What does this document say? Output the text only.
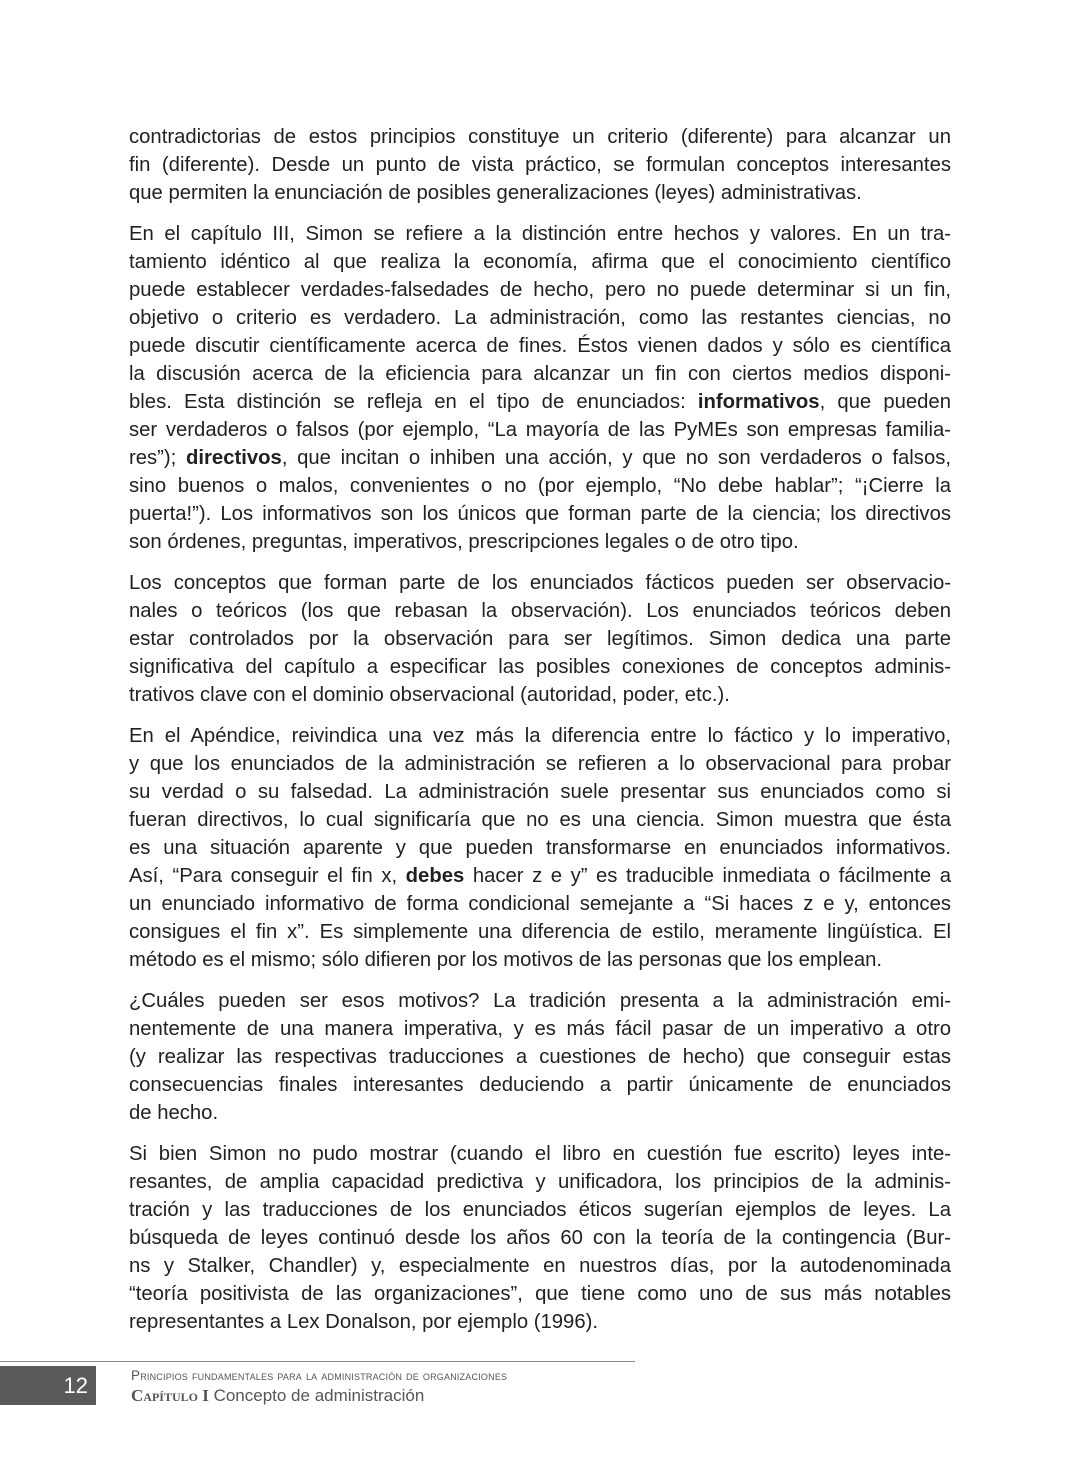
contradictorias de estos principios constituye un criterio (diferente) para alcanzar un
fin (diferente). Desde un punto de vista práctico, se formulan conceptos interesantes
que permiten la enunciación de posibles generalizaciones (leyes) administrativas.
En el capítulo III, Simon se refiere a la distinción entre hechos y valores. En un tra-
tamiento idéntico al que realiza la economía, afirma que el conocimiento científico
puede establecer verdades-falsedades de hecho, pero no puede determinar si un fin,
objetivo o criterio es verdadero. La administración, como las restantes ciencias, no
puede discutir científicamente acerca de fines. Éstos vienen dados y sólo es científica
la discusión acerca de la eficiencia para alcanzar un fin con ciertos medios disponi-
bles. Esta distinción se refleja en el tipo de enunciados: informativos, que pueden
ser verdaderos o falsos (por ejemplo, “La mayoría de las PyMEs son empresas familia-
res”); directivos, que incitan o inhiben una acción, y que no son verdaderos o falsos,
sino buenos o malos, convenientes o no (por ejemplo, “No debe hablar”; “¡Cierre la
puerta!”). Los informativos son los únicos que forman parte de la ciencia; los directivos
son órdenes, preguntas, imperativos, prescripciones legales o de otro tipo.
Los conceptos que forman parte de los enunciados fácticos pueden ser observacio-
nales o teóricos (los que rebasan la observación). Los enunciados teóricos deben
estar controlados por la observación para ser legítimos. Simon dedica una parte
significativa del capítulo a especificar las posibles conexiones de conceptos adminis-
trativos clave con el dominio observacional (autoridad, poder, etc.).
En el Apéndice, reivindica una vez más la diferencia entre lo fáctico y lo imperativo,
y que los enunciados de la administración se refieren a lo observacional para probar
su verdad o su falsedad. La administración suele presentar sus enunciados como si
fueran directivos, lo cual significaría que no es una ciencia. Simon muestra que ésta
es una situación aparente y que pueden transformarse en enunciados informativos.
Así, “Para conseguir el fin x, debes hacer z e y” es traducible inmediata o fácilmente a
un enunciado informativo de forma condicional semejante a “Si haces z e y, entonces
consigues el fin x”. Es simplemente una diferencia de estilo, meramente lingüística. El
método es el mismo; sólo difieren por los motivos de las personas que los emplean.
¿Cuáles pueden ser esos motivos? La tradición presenta a la administración emi-
nentemente de una manera imperativa, y es más fácil pasar de un imperativo a otro
(y realizar las respectivas traducciones a cuestiones de hecho) que conseguir estas
consecuencias finales interesantes deduciendo a partir únicamente de enunciados
de hecho.
Si bien Simon no pudo mostrar (cuando el libro en cuestión fue escrito) leyes inte-
resantes, de amplia capacidad predictiva y unificadora, los principios de la adminis-
tración y las traducciones de los enunciados éticos sugerían ejemplos de leyes. La
búsqueda de leyes continuó desde los años 60 con la teoría de la contingencia (Bur-
ns y Stalker, Chandler) y, especialmente en nuestros días, por la autodenominada
“teoría positivista de las organizaciones”, que tiene como uno de sus más notables
representantes a Lex Donalson, por ejemplo (1996).
12	Principios fundamentales para la administración de organizaciones
Capítulo I Concepto de administración
